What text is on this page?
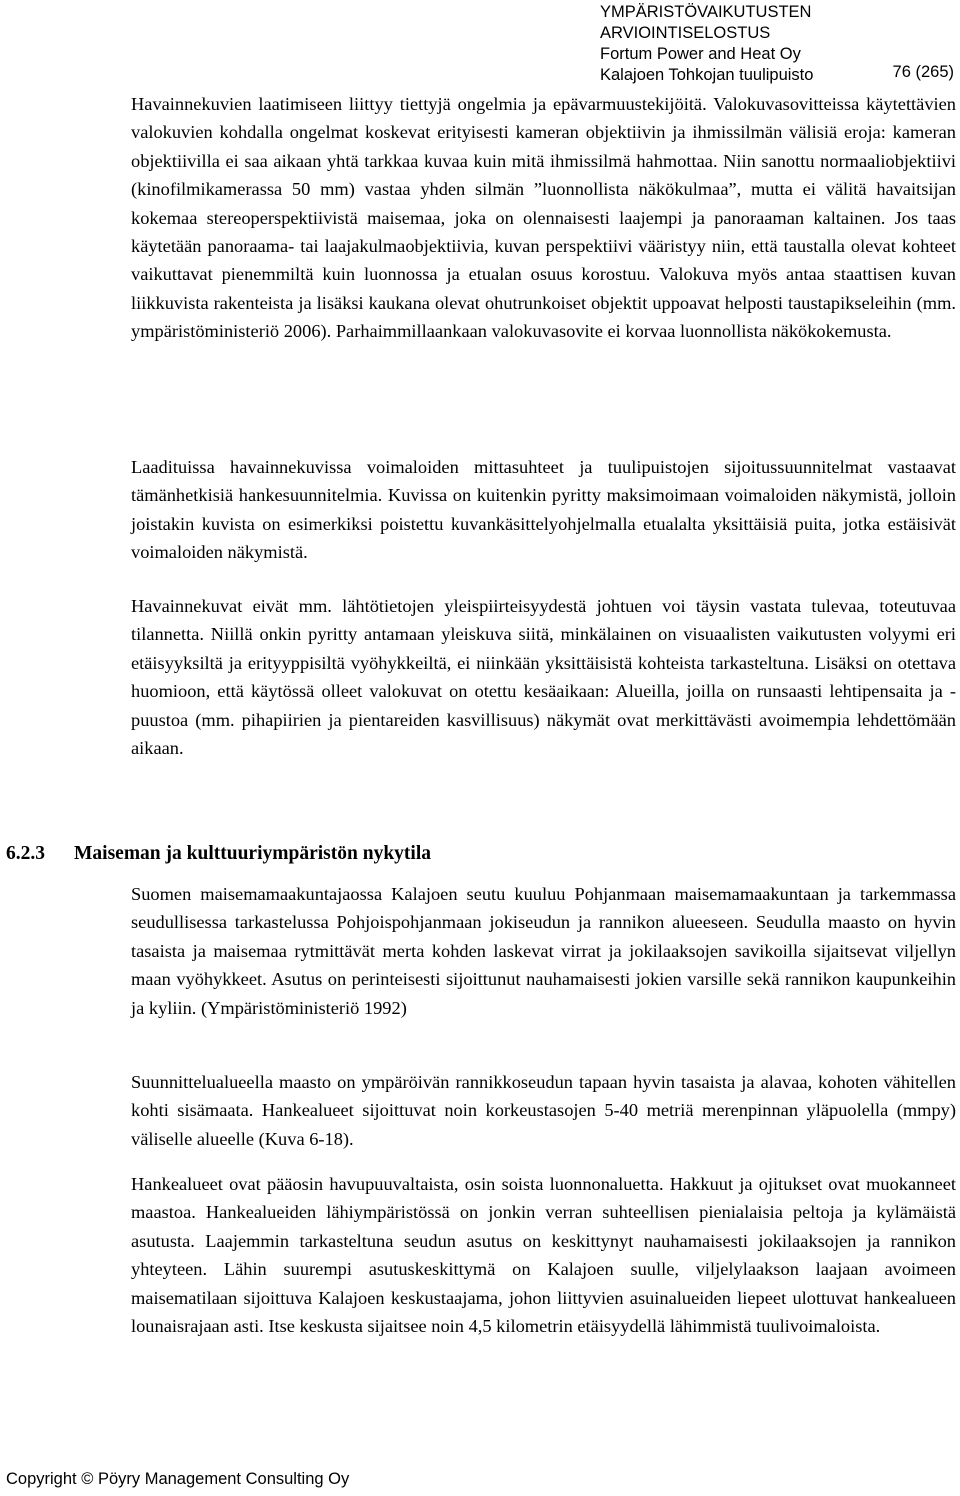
YMPÄRISTÖVAIKUTUSTEN
ARVIOINTISELOSTUS
Fortum Power and Heat Oy
Kalajoen Tohkojan tuulipuisto	76 (265)

Havainnekuvien laatimiseen liittyy tiettyjä ongelmia ja epävarmuustekijöitä. Valokuvasovitteissa käytettävien valokuvien kohdalla ongelmat koskevat erityisesti kameran objektiivin ja ihmissilmän välisiä eroja: kameran objektiivilla ei saa aikaan yhtä tarkkaa kuvaa kuin mitä ihmissilmä hahmottaa. Niin sanottu normaaliobjektiivi (kinofilmikamerassa 50 mm) vastaa yhden silmän ”luonnollista näkökulmaa”, mutta ei välitä havaitsijan kokemaa stereoperspektiivistä maisemaa, joka on olennaisesti laajempi ja panoraaman kaltainen. Jos taas käytetään panoraama- tai laajakulmaobjektiivia, kuvan perspektiivi vääristyy niin, että taustalla olevat kohteet vaikuttavat pienemmiltä kuin luonnossa ja etualan osuus korostuu. Valokuva myös antaa staattisen kuvan liikkuvista rakenteista ja lisäksi kaukana olevat ohutrunkoiset objektit uppoavat helposti taustapikseleihin (mm. ympäristöministeriö 2006). Parhaimmillaankaan valokuvasovite ei korvaa luonnollista näkökokemusta.

Laadituissa havainnekuvissa voimaloiden mittasuhteet ja tuulipuistojen sijoitussuunnitelmat vastaavat tämänhetkisiä hankesuunnitelmia. Kuvissa on kuitenkin pyritty maksimoimaan voimaloiden näkymistä, jolloin joistakin kuvista on esimerkiksi poistettu kuvankäsittelyohjelmalla etualalta yksittäisiä puita, jotka estäisivät voimaloiden näkymistä.

Havainnekuvat eivät mm. lähtötietojen yleispiirteisyydestä johtuen voi täysin vastata tulevaa, toteutuvaa tilannetta. Niillä onkin pyritty antamaan yleiskuva siitä, minkälainen on visuaalisten vaikutusten volyymi eri etäisyyksiltä ja erityyppisiltä vyöhykkeiltä, ei niinkään yksittäisistä kohteista tarkasteltuna. Lisäksi on otettava huomioon, että käytössä olleet valokuvat on otettu kesäaikaan: Alueilla, joilla on runsaasti lehtipensaita ja -puustoa (mm. pihapiirien ja pientareiden kasvillisuus) näkymät ovat merkittävästi avoimempia lehdettömään aikaan.

6.2.3 Maiseman ja kulttuuriympäristön nykytila

Suomen maisemamaakuntajaossa Kalajoen seutu kuuluu Pohjanmaan maisemamaakuntaan ja tarkemmassa seudullisessa tarkastelussa Pohjoispohjanmaan jokiseudun ja rannikon alueeseen. Seudulla maasto on hyvin tasaista ja maisemaa rytmittävät merta kohden laskevat virrat ja jokilaaksojen savikoilla sijaitsevat viljellyn maan vyöhykkeet. Asutus on perinteisesti sijoittunut nauhamaisesti jokien varsille sekä rannikon kaupunkeihin ja kyliin. (Ympäristöministeriö 1992)

Suunnittelualueella maasto on ympäröivän rannikkoseudun tapaan hyvin tasaista ja alavaa, kohoten vähitellen kohti sisämaata. Hankealueet sijoittuvat noin korkeustasojen 5-40 metriä merenpinnan yläpuolella (mmpy) väliselle alueelle (Kuva 6-18).

Hankealueet ovat pääosin havupuuvaltaista, osin soista luonnonaluetta. Hakkuut ja ojitukset ovat muokanneet maastoa. Hankealueiden lähiympäristössä on jonkin verran suhteellisen pienialaisia peltoja ja kylämäistä asutusta. Laajemmin tarkasteltuna seudun asutus on keskittynyt nauhamaisesti jokilaaksojen ja rannikon yhteyteen. Lähin suurempi asutuskeskittymä on Kalajoen suulle, viljelylaakson laajaan avoimeen maisematilaan sijoittuva Kalajoen keskustaajama, johon liittyvien asuinalueiden liepeet ulottuvat hankealueen lounaisrajaan asti. Itse keskusta sijaitsee noin 4,5 kilometrin etäisyydellä lähimmistä tuulivoimaloista.

Copyright © Pöyry Management Consulting Oy
